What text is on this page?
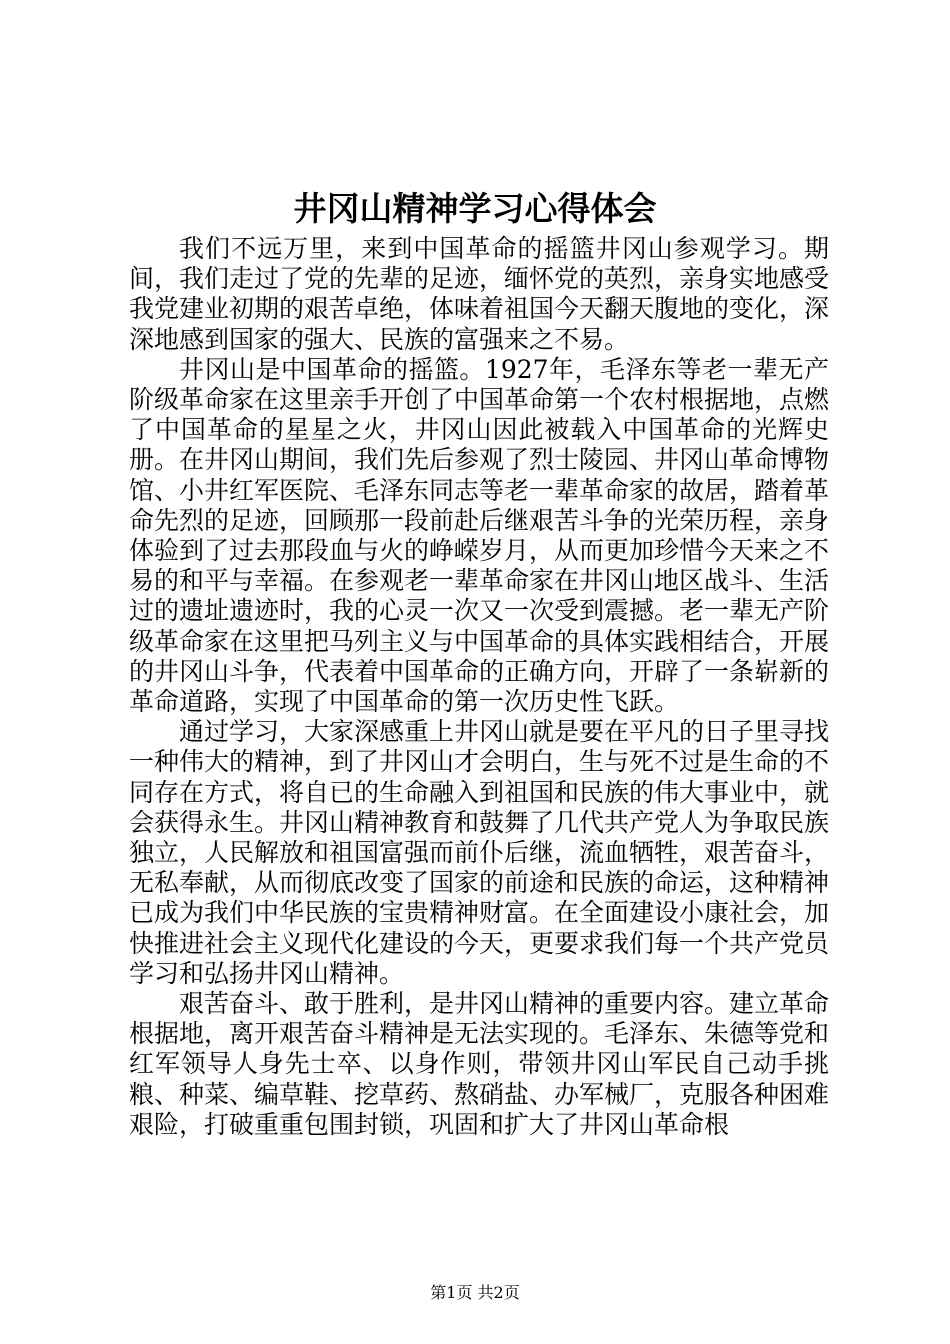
井冈山精神学习心得体会

我们不远万里，来到中国革命的摇篮井冈山参观学习。期间，我们走过了党的先辈的足迹，缅怀党的英烈，亲身实地感受我党建业初期的艰苦卓绝，体味着祖国今天翻天腹地的变化，深深地感到国家的强大、民族的富强来之不易。

井冈山是中国革命的摇篮。1927年，毛泽东等老一辈无产阶级革命家在这里亲手开创了中国革命第一个农村根据地，点燃了中国革命的星星之火，井冈山因此被载入中国革命的光辉史册。在井冈山期间，我们先后参观了烈士陵园、井冈山革命博物馆、小井红军医院、毛泽东同志等老一辈革命家的故居，踏着革命先烈的足迹，回顾那一段前赴后继艰苦斗争的光荣历程，亲身体验到了过去那段血与火的峥嵘岁月，从而更加珍惜今天来之不易的和平与幸福。在参观老一辈革命家在井冈山地区战斗、生活过的遗址遗迹时，我的心灵一次又一次受到震撼。老一辈无产阶级革命家在这里把马列主义与中国革命的具体实践相结合，开展的井冈山斗争，代表着中国革命的正确方向，开辟了一条崭新的革命道路，实现了中国革命的第一次历史性飞跃。

通过学习，大家深感重上井冈山就是要在平凡的日子里寻找一种伟大的精神，到了井冈山才会明白，生与死不过是生命的不同存在方式，将自已的生命融入到祖国和民族的伟大事业中，就会获得永生。井冈山精神教育和鼓舞了几代共产党人为争取民族独立，人民解放和祖国富强而前仆后继，流血牺牲，艰苦奋斗，无私奉献，从而彻底改变了国家的前途和民族的命运，这种精神已成为我们中华民族的宝贵精神财富。在全面建设小康社会，加快推进社会主义现代化建设的今天，更要求我们每一个共产党员学习和弘扬井冈山精神。

艰苦奋斗、敢于胜利，是井冈山精神的重要内容。建立革命根据地，离开艰苦奋斗精神是无法实现的。毛泽东、朱德等党和红军领导人身先士卒、以身作则，带领井冈山军民自己动手挑粮、种菜、编草鞋、挖草药、熬硝盐、办军械厂，克服各种困难艰险，打破重重包围封锁，巩固和扩大了井冈山革命根

第1页 共2页
